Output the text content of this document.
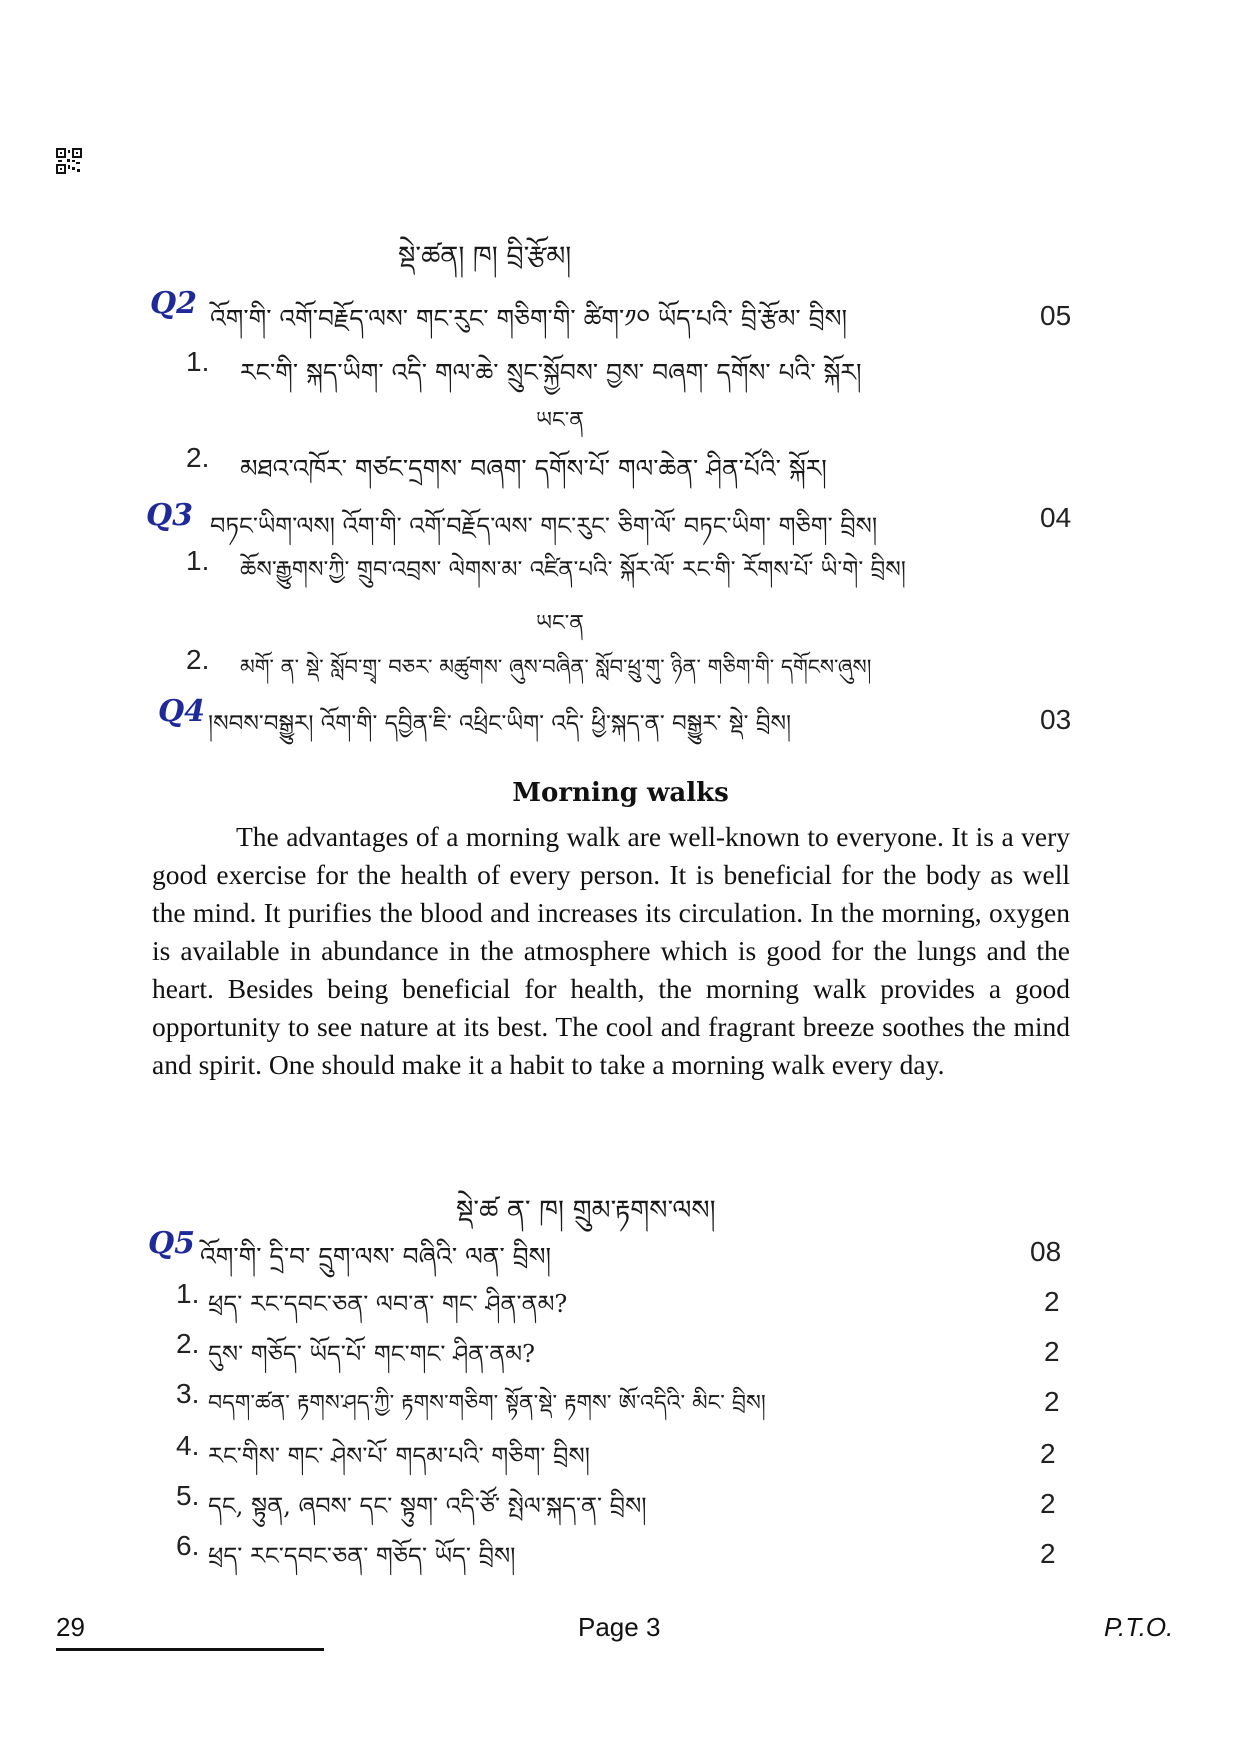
སྡེ་ཚན། ཁ། བྲི་རྩོམ།
Q2 འོག་གི་ འགོ་བརྗོད་ལས་ གང་རུང་ གཅིག་གི་ ཚིག་༡༠ ཡོད་པའི་ བྲི་རྩོམ་ བྲིས།	05
1. རང་གི་ སྐད་ཡིག་ འདི་ གལ་ཆེ་ སྲུང་སྐྱོབས་ བྱས་ བཞག་ དགོས་ པའི་ སྐོར།
ཡང་ན
2. མཐའ་འཁོར་ གཙང་དྲགས་ བཞག་ དགོས་པོ་ གལ་ཆེན་ ཤིན་པོའི་ སྐོར།
Q3 བཏང་ཡིག་ལས། འོག་གི་ འགོ་བརྗོད་ལས་ གང་རུང་ ཅིག་ལོ་ བཏང་ཡིག་ གཅིག་ བྲིས།	04
1. ཆོས་རྒྱུགས་ཀྱི་ གྲུབ་འབྲས་ ལེགས་མ་ འཛིན་པའི་ སྐོར་ལོ་ རང་གི་ རོགས་པོ་ ཡི་གེ་ བྲིས།
ཡང་ན
2. མགོ་ ན་ སྡེ་ སློབ་གྲྭ་ བཅར་ མཚུགས་ ཞུས་བཞིན་ སློབ་ཕྲུ་གུ་ ཉིན་ གཅིག་གི་ དགོངས་ཞུས།
Q4 །སབས་བསྒྱུར། འོག་གི་ དབྱིན་ཇི་ འཕྲིང་ཡིག་ འདི་ ཕྱི་སྐད་ན་ བསྒྱུར་ སྡེ་ བྲིས།	03
Morning walks
The advantages of a morning walk are well-known to everyone. It is a very good exercise for the health of every person. It is beneficial for the body as well the mind. It purifies the blood and increases its circulation. In the morning, oxygen is available in abundance in the atmosphere which is good for the lungs and the heart. Besides being beneficial for health, the morning walk provides a good opportunity to see nature at its best. The cool and fragrant breeze soothes the mind and spirit. One should make it a habit to take a morning walk every day.
སྡེ་ཚ ན་ ཁ། གྲུམ་རྟགས་ལས།
Q5 འོག་གི་ དྲི་བ་ དྲུག་ལས་ བཞིའི་ ལན་ བྲིས།	08
1. ཕྲད་ རང་དབང་ཅན་ ལབ་ན་ གང་ ཤིན་ནམ?	2
2. དུས་ གཅོད་ ཡོད་པོ་ གང་གང་ ཤིན་ནམ?	2
3. བདག་ཚན་ རྟགས་ཤད་ཀྱི་ རྟགས་གཅིག་ སྟོན་སྡེ་ རྟགས་ ཨོ་འདིའི་ མིང་ བྲིས།	2
4. རང་གིས་ གང་ ཤེས་པོ་ གདམ་པའི་ གཅིག་ བྲིས།	2
5. དང, སྟུན, ཞབས་ དང་ སྟུག་ འདི་ཙོ་ སྤེལ་སྐད་ན་ བྲིས།	2
6. ཕྲད་ རང་དབང་ཅན་ གཅོད་ ཡོད་ བྲིས།	2
29	Page 3	P.T.O.
